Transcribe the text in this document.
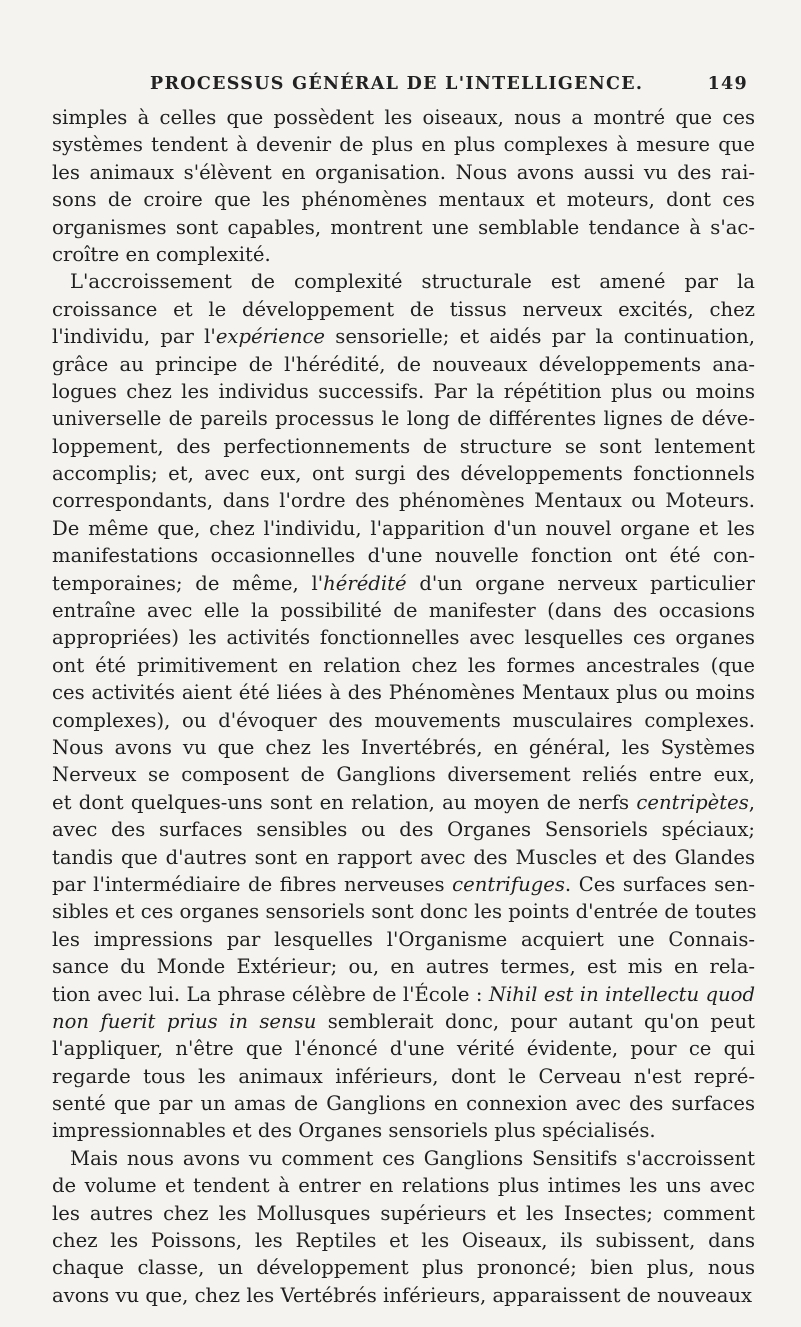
PROCESSUS GÉNÉRAL DE L'INTELLIGENCE.	149
simples à celles que possèdent les oiseaux, nous a montré que ces
systèmes tendent à devenir de plus en plus complexes à mesure que
les animaux s'élèvent en organisation. Nous avons aussi vu des rai-
sons de croire que les phénomènes mentaux et moteurs, dont ces
organismes sont capables, montrent une semblable tendance à s'ac-
croître en complexité.
L'accroissement de complexité structurale est amené par la
croissance et le développement de tissus nerveux excités, chez
l'individu, par l'expérience sensorielle; et aidés par la continuation,
grâce au principe de l'hérédité, de nouveaux développements ana-
logues chez les individus successifs. Par la répétition plus ou moins
universelle de pareils processus le long de différentes lignes de déve-
loppement, des perfectionnements de structure se sont lentement
accomplis; et, avec eux, ont surgi des développements fonctionnels
correspondants, dans l'ordre des phénomènes Mentaux ou Moteurs.
De même que, chez l'individu, l'apparition d'un nouvel organe et les
manifestations occasionnelles d'une nouvelle fonction ont été con-
temporaines; de même, l'hérédité d'un organe nerveux particulier
entraîne avec elle la possibilité de manifester (dans des occasions
appropriées) les activités fonctionnelles avec lesquelles ces organes
ont été primitivement en relation chez les formes ancestrales (que
ces activités aient été liées à des Phénomènes Mentaux plus ou moins
complexes), ou d'évoquer des mouvements musculaires complexes.
Nous avons vu que chez les Invertébrés, en général, les Systèmes
Nerveux se composent de Ganglions diversement reliés entre eux,
et dont quelques-uns sont en relation, au moyen de nerfs centripètes,
avec des surfaces sensibles ou des Organes Sensoriels spéciaux;
tandis que d'autres sont en rapport avec des Muscles et des Glandes
par l'intermédiaire de fibres nerveuses centrifuges. Ces surfaces sen-
sibles et ces organes sensoriels sont donc les points d'entrée de toutes
les impressions par lesquelles l'Organisme acquiert une Connais-
sance du Monde Extérieur; ou, en autres termes, est mis en rela-
tion avec lui. La phrase célèbre de l'École : Nihil est in intellectu quod
non fuerit prius in sensu semblerait donc, pour autant qu'on peut
l'appliquer, n'être que l'énoncé d'une vérité évidente, pour ce qui
regarde tous les animaux inférieurs, dont le Cerveau n'est repré-
senté que par un amas de Ganglions en connexion avec des surfaces
impressionnables et des Organes sensoriels plus spécialisés.
Mais nous avons vu comment ces Ganglions Sensitifs s'accroissent
de volume et tendent à entrer en relations plus intimes les uns avec
les autres chez les Mollusques supérieurs et les Insectes; comment
chez les Poissons, les Reptiles et les Oiseaux, ils subissent, dans
chaque classe, un développement plus prononcé; bien plus, nous
avons vu que, chez les Vertébrés inférieurs, apparaissent de nouveaux
